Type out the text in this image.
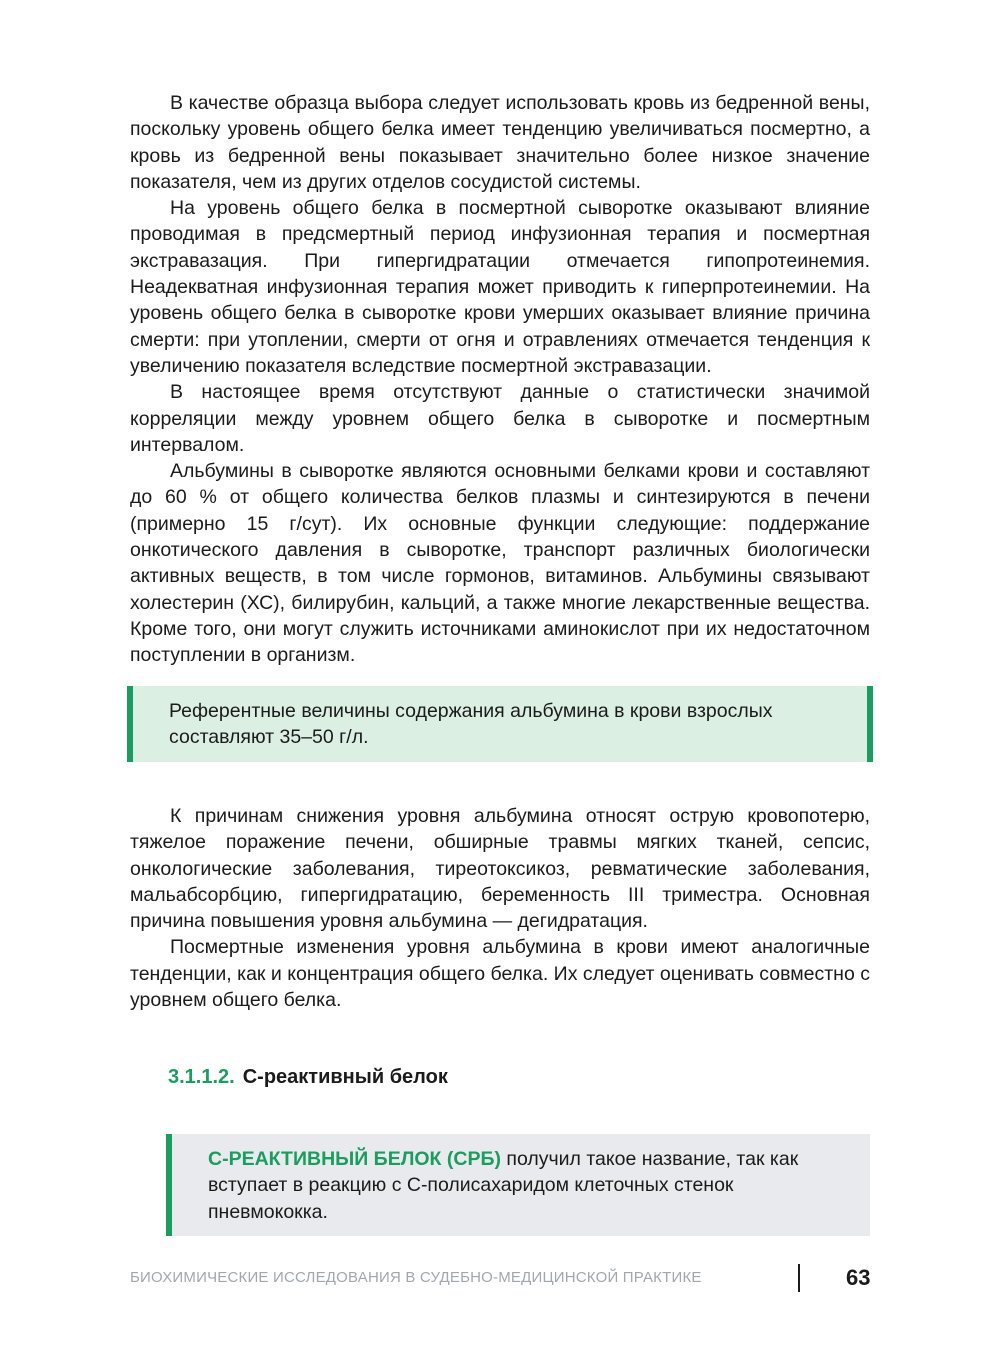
В качестве образца выбора следует использовать кровь из бедренной вены, поскольку уровень общего белка имеет тенденцию увеличиваться посмертно, а кровь из бедренной вены показывает значительно более низкое значение показателя, чем из других отделов сосудистой системы.

На уровень общего белка в посмертной сыворотке оказывают влияние проводимая в предсмертный период инфузионная терапия и посмертная экстравазация. При гипергидратации отмечается гипопротеинемия. Неадекватная инфузионная терапия может приводить к гиперпротеинемии. На уровень общего белка в сыворотке крови умерших оказывает влияние причина смерти: при утоплении, смерти от огня и отравлениях отмечается тенденция к увеличению показателя вследствие посмертной экстравазации.

В настоящее время отсутствуют данные о статистически значимой корреляции между уровнем общего белка в сыворотке и посмертным интервалом.

Альбумины в сыворотке являются основными белками крови и составляют до 60 % от общего количества белков плазмы и синтезируются в печени (примерно 15 г/сут). Их основные функции следующие: поддержание онкотического давления в сыворотке, транспорт различных биологически активных веществ, в том числе гормонов, витаминов. Альбумины связывают холестерин (ХС), билирубин, кальций, а также многие лекарственные вещества. Кроме того, они могут служить источниками аминокислот при их недостаточном поступлении в организм.

Референтные величины содержания альбумина в крови взрослых составляют 35–50 г/л.

К причинам снижения уровня альбумина относят острую кровопотерю, тяжелое поражение печени, обширные травмы мягких тканей, сепсис, онкологические заболевания, тиреотоксикоз, ревматические заболевания, мальабсорбцию, гипергидратацию, беременность III триместра. Основная причина повышения уровня альбумина — дегидратация.

Посмертные изменения уровня альбумина в крови имеют аналогичные тенденции, как и концентрация общего белка. Их следует оценивать совместно с уровнем общего белка.

3.1.1.2. С-реактивный белок

С-РЕАКТИВНЫЙ БЕЛОК (СРБ) получил такое название, так как вступает в реакцию с С-полисахаридом клеточных стенок пневмококка.

БИОХИМИЧЕСКИЕ ИССЛЕДОВАНИЯ В СУДЕБНО-МЕДИЦИНСКОЙ ПРАКТИКЕ	63
